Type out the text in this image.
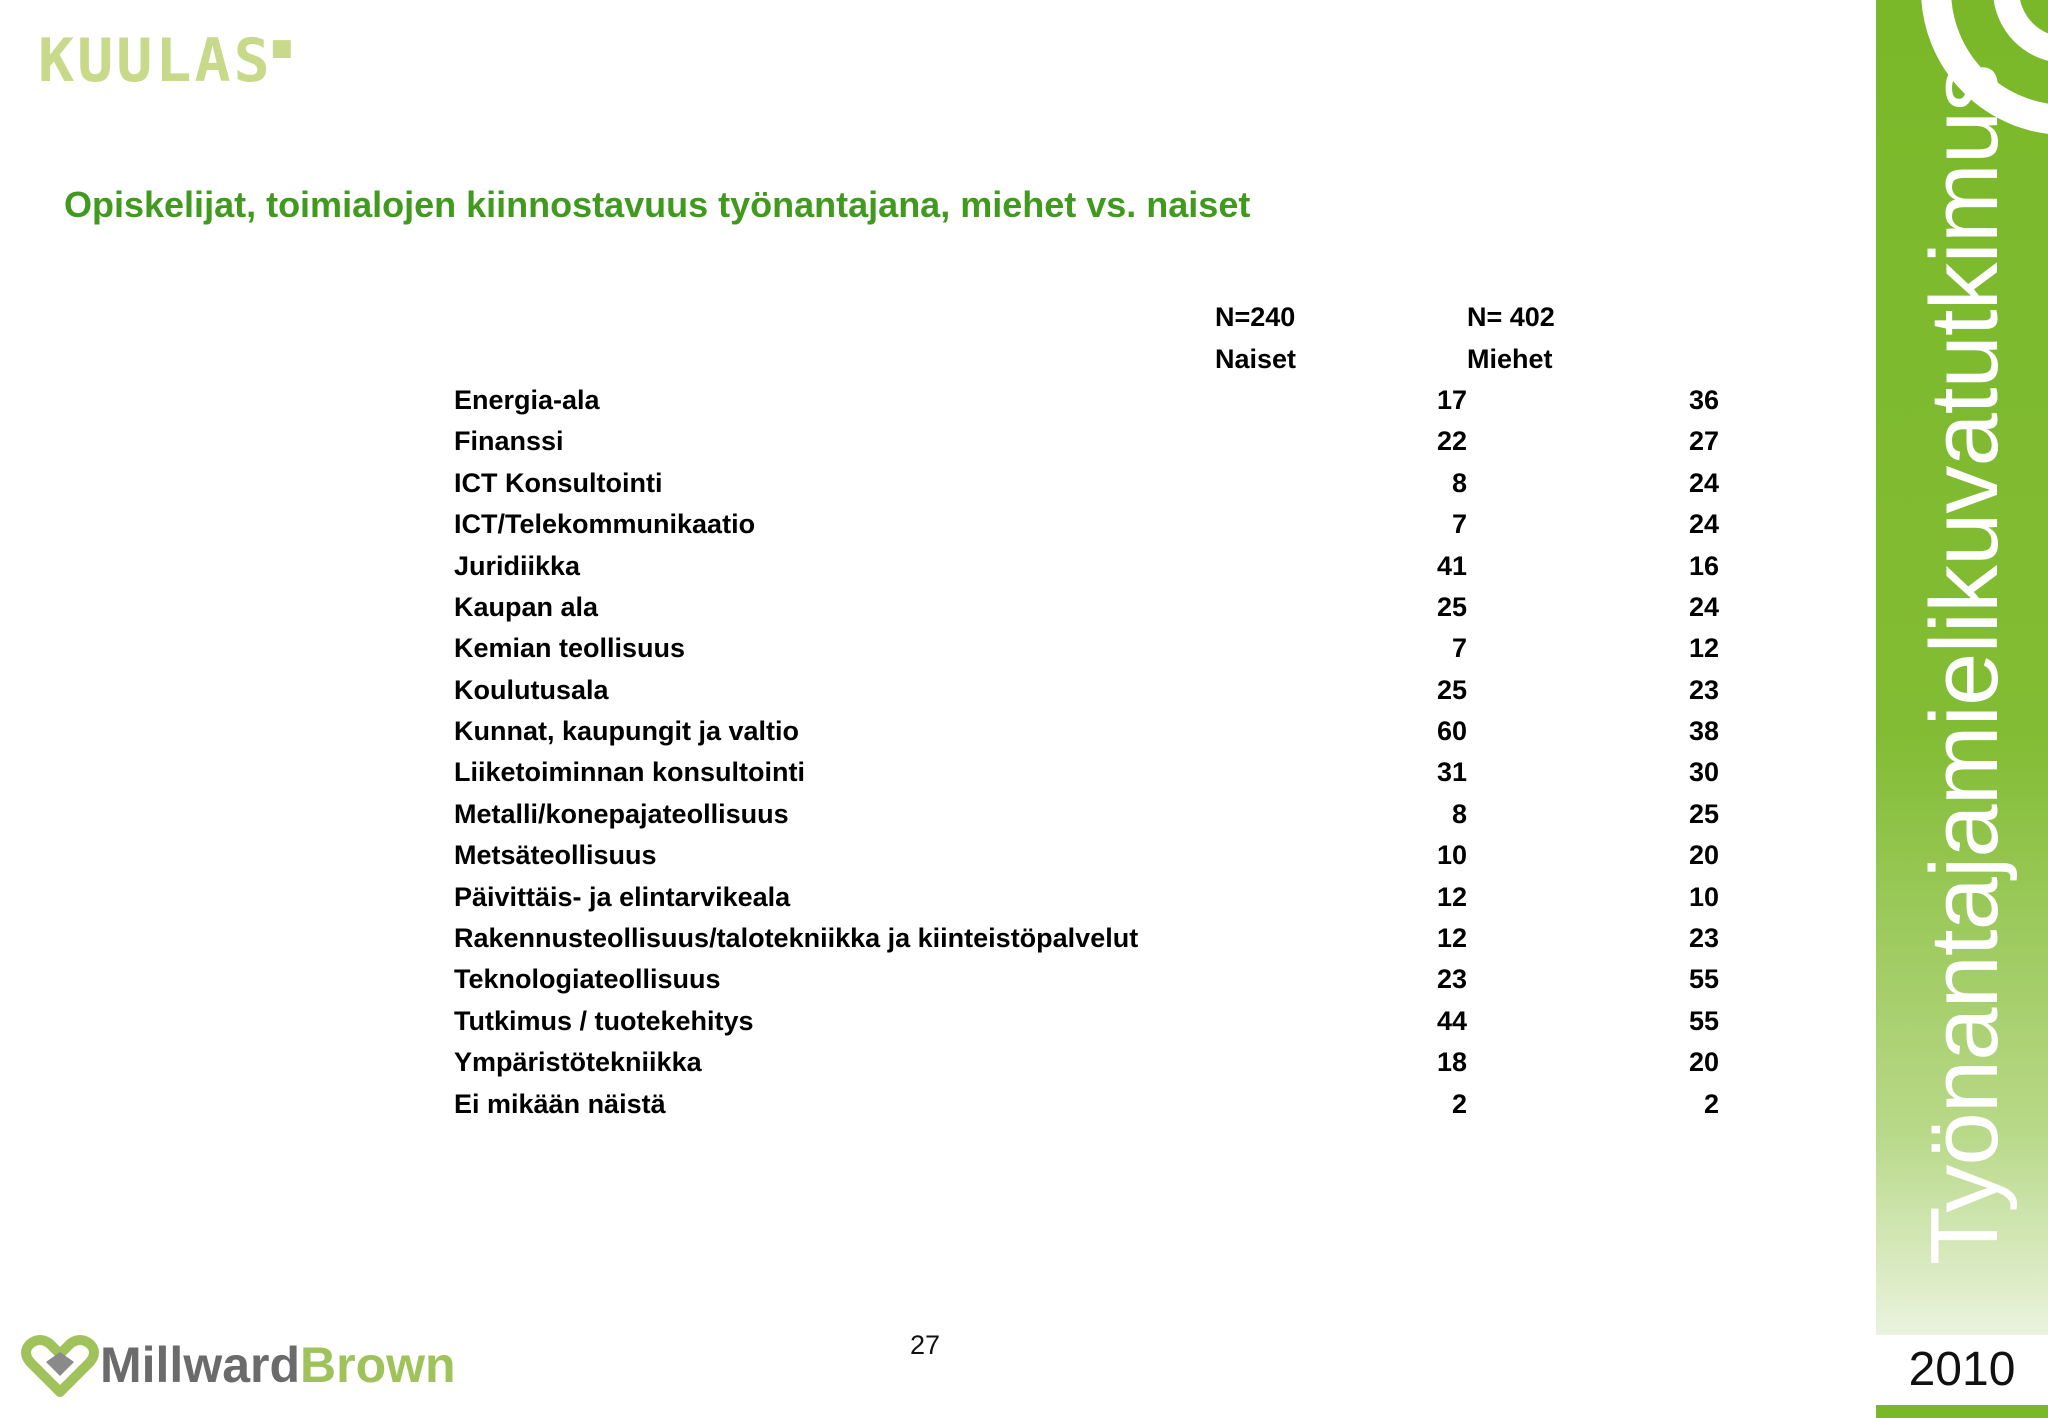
KUULAS■
Opiskelijat, toimialojen kiinnostavuus työnantajana, miehet vs. naiset
	N=240	N= 402
	Naiset	Miehet
Energia-ala	17	36
Finanssi	22	27
ICT Konsultointi	8	24
ICT/Telekommunikaatio	7	24
Juridiikka	41	16
Kaupan ala	25	24
Kemian teollisuus	7	12
Koulutusala	25	23
Kunnat, kaupungit ja valtio	60	38
Liiketoiminnan konsultointi	31	30
Metalli/konepajateollisuus	8	25
Metsäteollisuus	10	20
Päivittäis- ja elintarvikeala	12	10
Rakennusteollisuus/talotekniikka ja kiinteistöpalvelut	12	23
Teknologiateollisuus	23	55
Tutkimus / tuotekehitys	44	55
Ympäristötekniikka	18	20
Ei mikään näistä	2	2
27
MillwardBrown
Työnantajamielikuvatutkimus
2010
